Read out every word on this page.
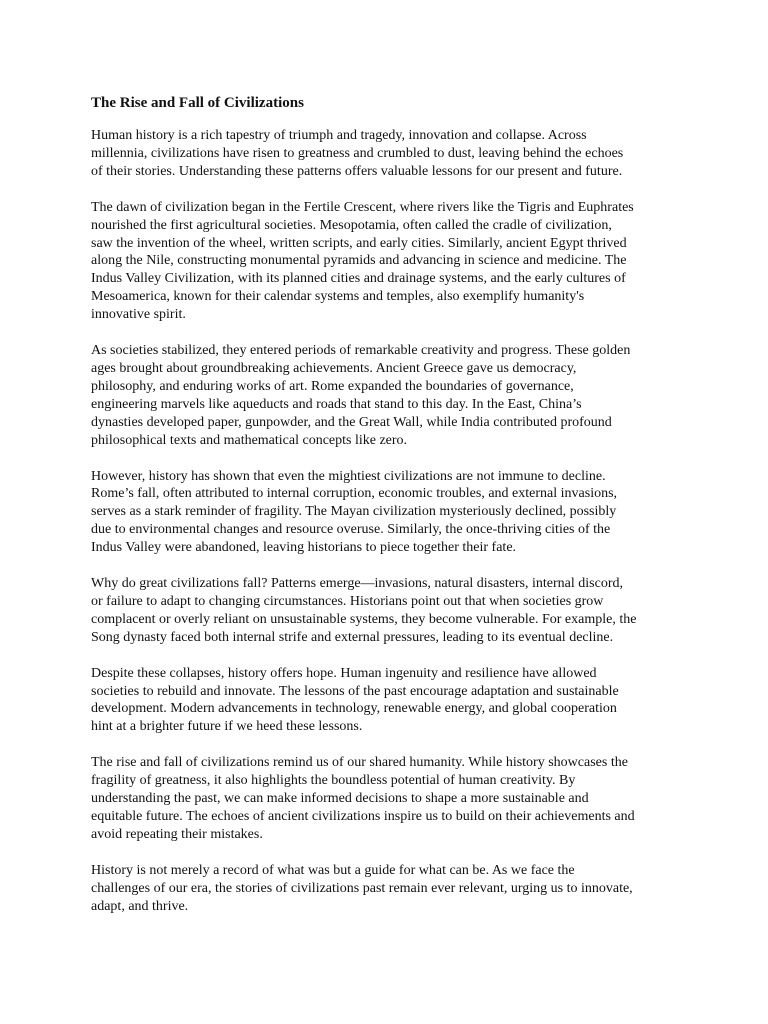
The Rise and Fall of Civilizations

Human history is a rich tapestry of triumph and tragedy, innovation and collapse. Across
millennia, civilizations have risen to greatness and crumbled to dust, leaving behind the echoes
of their stories. Understanding these patterns offers valuable lessons for our present and future.

The dawn of civilization began in the Fertile Crescent, where rivers like the Tigris and Euphrates
nourished the first agricultural societies. Mesopotamia, often called the cradle of civilization,
saw the invention of the wheel, written scripts, and early cities. Similarly, ancient Egypt thrived
along the Nile, constructing monumental pyramids and advancing in science and medicine. The
Indus Valley Civilization, with its planned cities and drainage systems, and the early cultures of
Mesoamerica, known for their calendar systems and temples, also exemplify humanity's
innovative spirit.

As societies stabilized, they entered periods of remarkable creativity and progress. These golden
ages brought about groundbreaking achievements. Ancient Greece gave us democracy,
philosophy, and enduring works of art. Rome expanded the boundaries of governance,
engineering marvels like aqueducts and roads that stand to this day. In the East, China’s
dynasties developed paper, gunpowder, and the Great Wall, while India contributed profound
philosophical texts and mathematical concepts like zero.

However, history has shown that even the mightiest civilizations are not immune to decline.
Rome’s fall, often attributed to internal corruption, economic troubles, and external invasions,
serves as a stark reminder of fragility. The Mayan civilization mysteriously declined, possibly
due to environmental changes and resource overuse. Similarly, the once-thriving cities of the
Indus Valley were abandoned, leaving historians to piece together their fate.

Why do great civilizations fall? Patterns emerge—invasions, natural disasters, internal discord,
or failure to adapt to changing circumstances. Historians point out that when societies grow
complacent or overly reliant on unsustainable systems, they become vulnerable. For example, the
Song dynasty faced both internal strife and external pressures, leading to its eventual decline.

Despite these collapses, history offers hope. Human ingenuity and resilience have allowed
societies to rebuild and innovate. The lessons of the past encourage adaptation and sustainable
development. Modern advancements in technology, renewable energy, and global cooperation
hint at a brighter future if we heed these lessons.

The rise and fall of civilizations remind us of our shared humanity. While history showcases the
fragility of greatness, it also highlights the boundless potential of human creativity. By
understanding the past, we can make informed decisions to shape a more sustainable and
equitable future. The echoes of ancient civilizations inspire us to build on their achievements and
avoid repeating their mistakes.

History is not merely a record of what was but a guide for what can be. As we face the
challenges of our era, the stories of civilizations past remain ever relevant, urging us to innovate,
adapt, and thrive.
